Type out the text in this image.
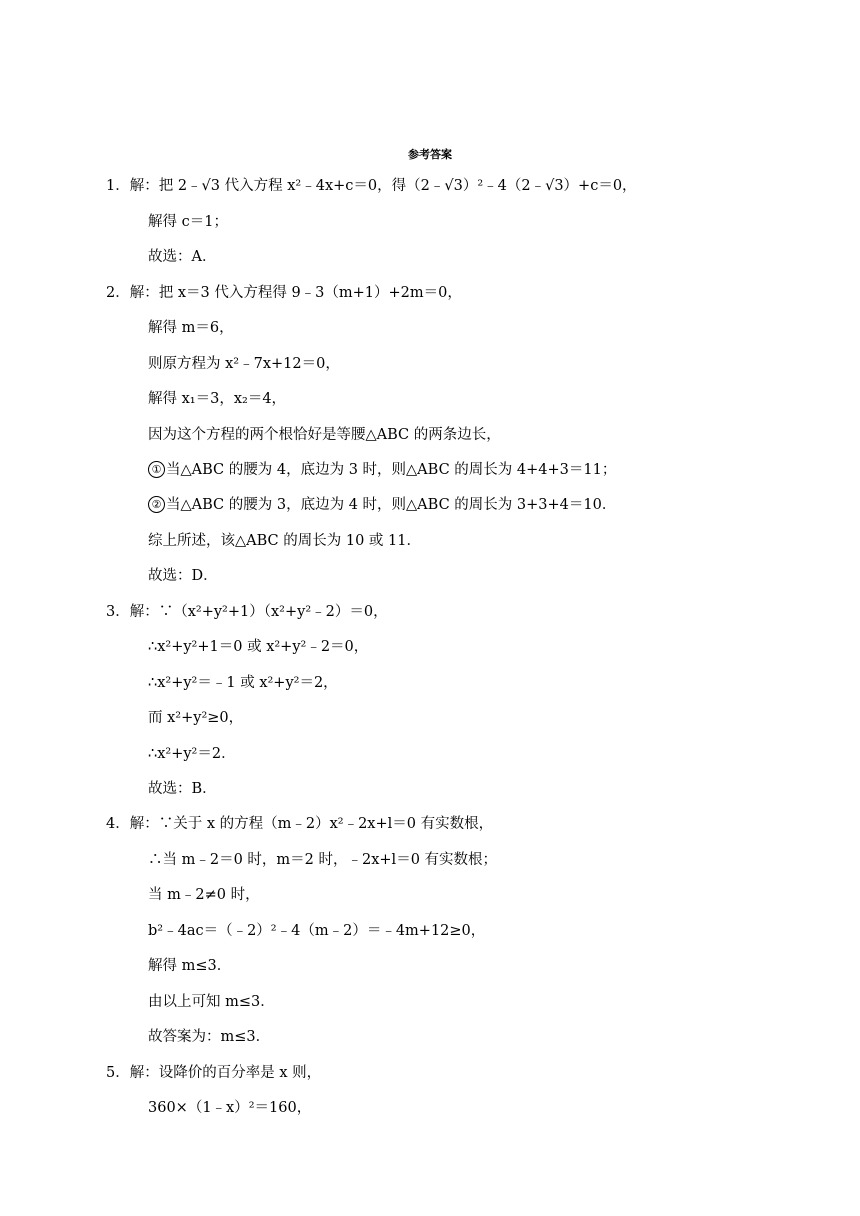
参考答案
1．解：把 2﹣√3 代入方程 x²﹣4x+c＝0，得（2﹣√3）²﹣4（2﹣√3）+c＝0，
解得 c＝1；
故选：A．
2．解：把 x＝3 代入方程得 9﹣3（m+1）+2m＝0，
解得 m＝6，
则原方程为 x²﹣7x+12＝0，
解得 x₁＝3，x₂＝4，
因为这个方程的两个根恰好是等腰△ABC 的两条边长，
① 当△ABC 的腰为 4，底边为 3 时，则△ABC 的周长为 4+4+3＝11；
② 当△ABC 的腰为 3，底边为 4 时，则△ABC 的周长为 3+3+4＝10．
综上所述，该△ABC 的周长为 10 或 11．
故选：D．
3．解：∵（x²+y²+1）（x²+y²﹣2）＝0，
∴x²+y²+1＝0 或 x²+y²﹣2＝0，
∴x²+y²＝﹣1 或 x²+y²＝2，
而 x²+y²≥0，
∴x²+y²＝2．
故选：B．
4．解：∵关于 x 的方程（m﹣2）x²﹣2x+l＝0 有实数根，
∴当 m﹣2＝0 时，m＝2 时，﹣2x+l＝0 有实数根；
当 m﹣2≠0 时，
b²﹣4ac＝（﹣2）²﹣4（m﹣2）＝﹣4m+12≥0，
解得 m≤3．
由以上可知 m≤3．
故答案为：m≤3．
5．解：设降价的百分率是 x 则，
360×（1﹣x）²＝160，
